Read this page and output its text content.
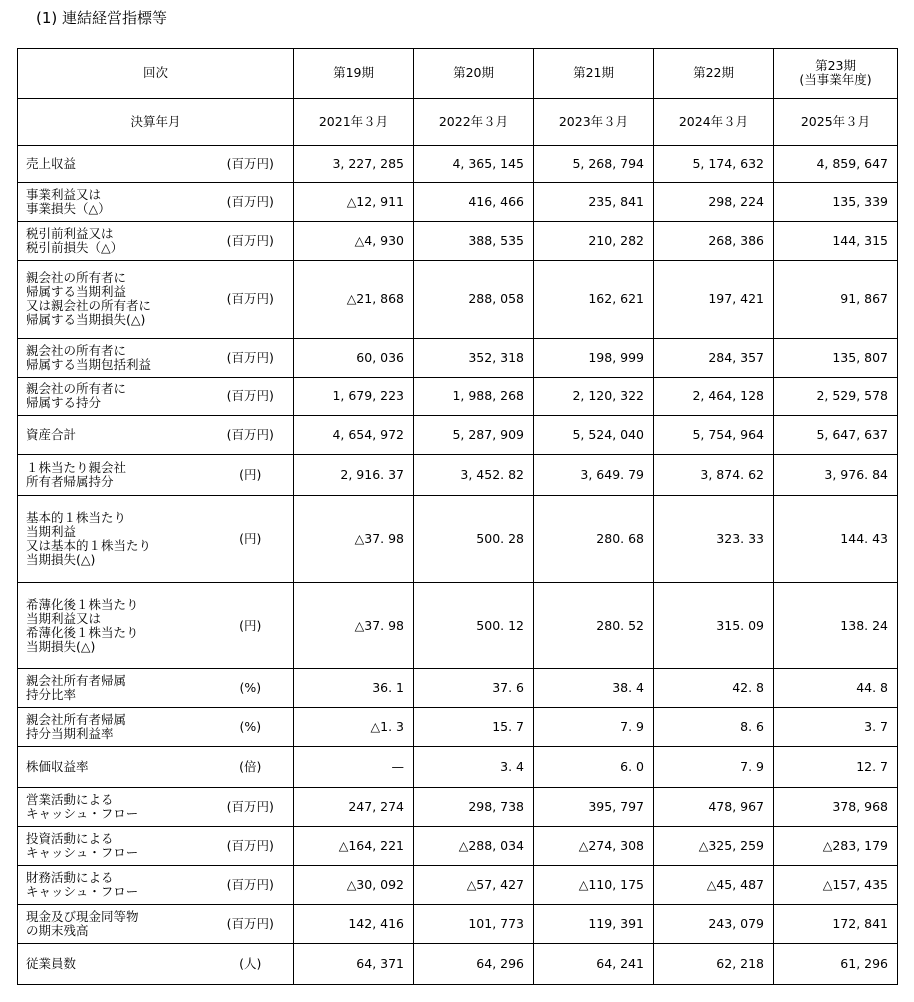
(1) 連結経営指標等
回次		第19期	第20期	第21期	第22期	第23期
(当事業年度)
決算年月		2021年３月	2022年３月	2023年３月	2024年３月	2025年３月
売上収益	(百万円)	3, 227, 285	4, 365, 145	5, 268, 794	5, 174, 632	4, 859, 647
事業利益又は
事業損失（△）	(百万円)	△12, 911	416, 466	235, 841	298, 224	135, 339
税引前利益又は
税引前損失（△）	(百万円)	△4, 930	388, 535	210, 282	268, 386	144, 315
親会社の所有者に
帰属する当期利益
又は親会社の所有者に
帰属する当期損失(△)	(百万円)	△21, 868	288, 058	162, 621	197, 421	91, 867
親会社の所有者に
帰属する当期包括利益	(百万円)	60, 036	352, 318	198, 999	284, 357	135, 807
親会社の所有者に
帰属する持分	(百万円)	1, 679, 223	1, 988, 268	2, 120, 322	2, 464, 128	2, 529, 578
資産合計	(百万円)	4, 654, 972	5, 287, 909	5, 524, 040	5, 754, 964	5, 647, 637
１株当たり親会社
所有者帰属持分	(円)	2, 916. 37	3, 452. 82	3, 649. 79	3, 874. 62	3, 976. 84
基本的１株当たり
当期利益
又は基本的１株当たり
当期損失(△)	(円)	△37. 98	500. 28	280. 68	323. 33	144. 43
希薄化後１株当たり
当期利益又は
希薄化後１株当たり
当期損失(△)	(円)	△37. 98	500. 12	280. 52	315. 09	138. 24
親会社所有者帰属
持分比率	(%)	36. 1	37. 6	38. 4	42. 8	44. 8
親会社所有者帰属
持分当期利益率	(%)	△1. 3	15. 7	7. 9	8. 6	3. 7
株価収益率	(倍)	—	3. 4	6. 0	7. 9	12. 7
営業活動による
キャッシュ・フロー	(百万円)	247, 274	298, 738	395, 797	478, 967	378, 968
投資活動による
キャッシュ・フロー	(百万円)	△164, 221	△288, 034	△274, 308	△325, 259	△283, 179
財務活動による
キャッシュ・フロー	(百万円)	△30, 092	△57, 427	△110, 175	△45, 487	△157, 435
現金及び現金同等物
の期末残高	(百万円)	142, 416	101, 773	119, 391	243, 079	172, 841
従業員数	(人)	64, 371	64, 296	64, 241	62, 218	61, 296
